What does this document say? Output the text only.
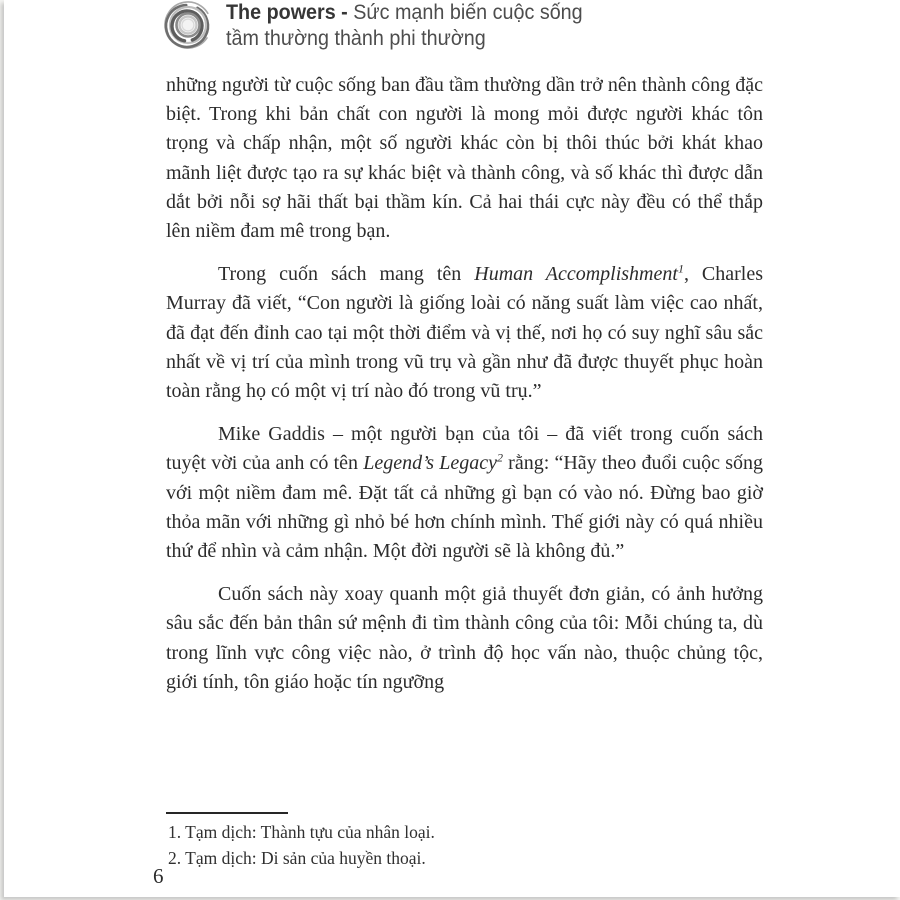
The powers - Sức mạnh biến cuộc sống
tầm thường thành phi thường

những người từ cuộc sống ban đầu tầm thường dần trở nên thành công đặc biệt. Trong khi bản chất con người là mong mỏi được người khác tôn trọng và chấp nhận, một số người khác còn bị thôi thúc bởi khát khao mãnh liệt được tạo ra sự khác biệt và thành công, và số khác thì được dẫn dắt bởi nỗi sợ hãi thất bại thầm kín. Cả hai thái cực này đều có thể thắp lên niềm đam mê trong bạn.

Trong cuốn sách mang tên Human Accomplishment$^1$, Charles Murray đã viết, “Con người là giống loài có năng suất làm việc cao nhất, đã đạt đến đỉnh cao tại một thời điểm và vị thế, nơi họ có suy nghĩ sâu sắc nhất về vị trí của mình trong vũ trụ và gần như đã được thuyết phục hoàn toàn rằng họ có một vị trí nào đó trong vũ trụ.”

Mike Gaddis – một người bạn của tôi – đã viết trong cuốn sách tuyệt vời của anh có tên Legend’s Legacy$^2$ rằng: “Hãy theo đuổi cuộc sống với một niềm đam mê. Đặt tất cả những gì bạn có vào nó. Đừng bao giờ thỏa mãn với những gì nhỏ bé hơn chính mình. Thế giới này có quá nhiều thứ để nhìn và cảm nhận. Một đời người sẽ là không đủ.”

Cuốn sách này xoay quanh một giả thuyết đơn giản, có ảnh hưởng sâu sắc đến bản thân sứ mệnh đi tìm thành công của tôi: Mỗi chúng ta, dù trong lĩnh vực công việc nào, ở trình độ học vấn nào, thuộc chủng tộc, giới tính, tôn giáo hoặc tín ngưỡng

1. Tạm dịch: Thành tựu của nhân loại.
2. Tạm dịch: Di sản của huyền thoại.
6
